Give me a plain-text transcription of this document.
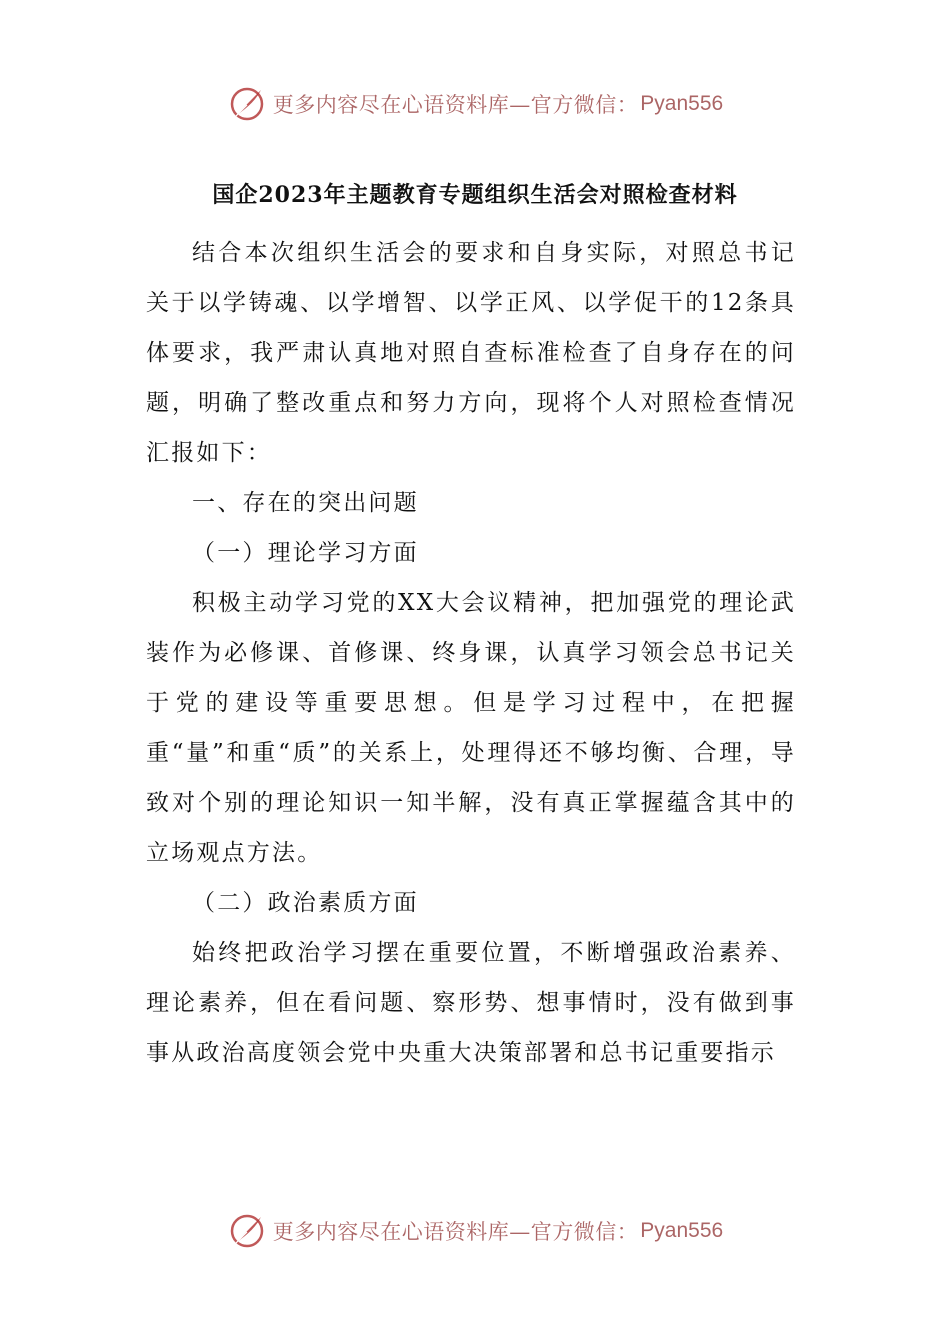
更多内容尽在心语资料库—官方微信： Pyan556
国企2023年主题教育专题组织生活会对照检查材料

结合本次组织生活会的要求和自身实际，对照总书记关于以学铸魂、以学增智、以学正风、以学促干的12条具体要求，我严肃认真地对照自查标准检查了自身存在的问题，明确了整改重点和努力方向，现将个人对照检查情况汇报如下：

一、存在的突出问题

（一）理论学习方面

积极主动学习党的XX大会议精神，把加强党的理论武装作为必修课、首修课、终身课，认真学习领会总书记关于党的建设等重要思想。但是学习过程中，在把握重“量”和重“质”的关系上，处理得还不够均衡、合理，导致对个别的理论知识一知半解，没有真正掌握蕴含其中的立场观点方法。

（二）政治素质方面

始终把政治学习摆在重要位置，不断增强政治素养、理论素养，但在看问题、察形势、想事情时，没有做到事事从政治高度领会党中央重大决策部署和总书记重要指示

更多内容尽在心语资料库—官方微信： Pyan556
